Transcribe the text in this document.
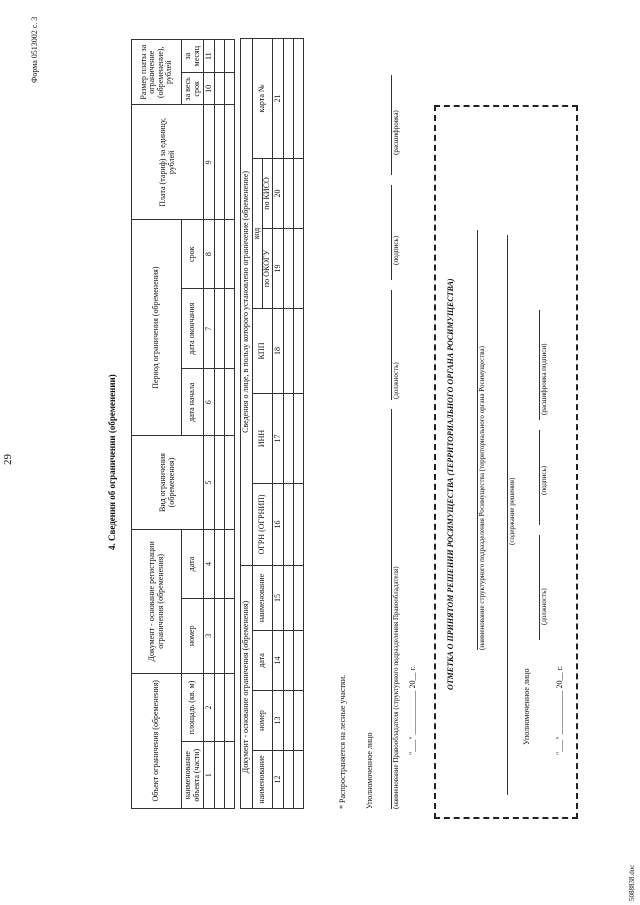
29
Форма 0513002 с. 3
4. Сведения об ограничении (обременении)
Объект ограничения (обременения)		Документ - основание регистрации ограничения (обременения)		Вид ограничения (обременения)	Период ограничения (обременения)			Плата (тариф) за единицу, рублей	Размер платы за ограничение (обременение), рублей	
наименование объекта (части)	площадь (кв. м)	номер	дата		дата начала	дата окончания	срок		за весь срок	за месяц
1	2	3	4	5	6	7	8	9	10	11

Документ - основание ограничения (обременения)				Сведения о лице, в пользу которого установлено ограничение (обременение)					
наименование	номер	дата	наименование	ОГРН (ОГРНИП)	ИНН	КПП	код		карта №
							по ОКОГУ	по КИСО	
12	13	14	15	16	17	18	19	20	21

* Распространяется на лесные участки. Уполномоченное лицо	(наименование Правообладателя (структурного подразделения Правообладателя)
(должность)
(подпись)
(расшифровка)
"___" ___________ 20__ г.
ОТМЕТКА О ПРИНЯТОМ РЕШЕНИИ РОСИМУЩЕСТВА (ТЕРРИТОРИАЛЬНОГО ОРГАНА РОСИМУЩЕСТВА)	(наименование структурного подразделения Росимущества (территориального органа Росимущества)	(содержание решения)
Уполномоченное лицо
(должность)
(подпись)
(расшифровка подписи)
"___" ___________ 20__ г.
5088838.doc
